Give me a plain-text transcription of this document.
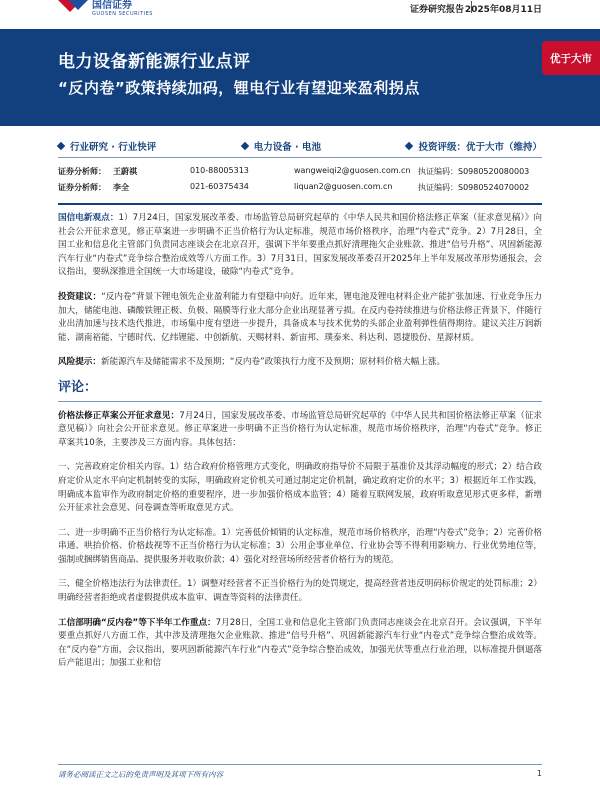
国信证券
GUOSEN SECURITIES	证券研究报告 2025年08月11日
电力设备新能源行业点评
“反内卷”政策持续加码，锂电行业有望迎来盈利拐点
优于大市
行业研究 · 行业快评	电力设备 · 电池	投资评级：优于大市（维持）
证券分析师： 王蔚祺	010-88005313	wangweiqi2@guosen.com.cn 执证编码：S0980520080003
证券分析师： 李全	021-60375434	liquan2@guosen.com.cn	执证编码：S0980524070002

国信电新观点：1）7月24日，国家发展改革委、市场监管总局研究起草的《中华人民共和国价格法修正草案（征求意见稿）》向社会公开征求意见，修正草案进一步明确不正当价格行为认定标准，规范市场价格秩序，治理“内卷式”竞争。2）7月28日，全国工业和信息化主管部门负责同志座谈会在北京召开，强调下半年要重点抓好清理拖欠企业账款、推进“信号升格”、巩固新能源汽车行业“内卷式”竞争综合整治成效等八方面工作。3）7月31日，国家发展改革委召开2025年上半年发展改革形势通报会，会议指出，要纵深推进全国统一大市场建设，破除“内卷式”竞争。

投资建议：“反内卷”背景下锂电领先企业盈利能力有望稳中向好。近年来，锂电池及锂电材料企业产能扩张加速、行业竞争压力加大，储能电池、磷酸铁锂正极、负极、隔膜等行业大部分企业出现显著亏损。在反内卷持续推进与价格法修正背景下，伴随行业出清加速与技术迭代推进，市场集中度有望进一步提升，具备成本与技术优势的头部企业盈利弹性值得期待。建议关注万润新能、湖南裕能、宁德时代、亿纬锂能、中创新航、天赐材料、新宙邦、璞泰来、科达利、恩捷股份、星源材质。

风险提示：新能源汽车及储能需求不及预期；“反内卷”政策执行力度不及预期；原材料价格大幅上涨。

评论：

价格法修正草案公开征求意见：7月24日，国家发展改革委、市场监管总局研究起草的《中华人民共和国价格法修正草案（征求意见稿）》向社会公开征求意见。修正草案进一步明确不正当价格行为认定标准，规范市场价格秩序，治理“内卷式”竞争。修正草案共10条，主要涉及三方面内容。具体包括：

一、完善政府定价相关内容。1）结合政府价格管理方式变化，明确政府指导价不局限于基准价及其浮动幅度的形式；2）结合政府定价从定水平向定机制转变的实际，明确政府定价机关可通过制定定价机制，确定政府定价的水平；3）根据近年工作实践，明确成本监审作为政府制定价格的重要程序，进一步加强价格成本监管；4）随着互联网发展，政府听取意见形式更多样，新增公开征求社会意见、问卷调查等听取意见方式。

二、进一步明确不正当价格行为认定标准。1）完善低价倾销的认定标准，规范市场价格秩序，治理“内卷式”竞争；2）完善价格串通、哄抬价格、价格歧视等不正当价格行为认定标准；3）公用企事业单位、行业协会等不得利用影响力、行业优势地位等，强制或捆绑销售商品、提供服务并收取价款；4）强化对经营场所经营者价格行为的规范。

三、健全价格违法行为法律责任。1）调整对经营者不正当价格行为的处罚规定，提高经营者违反明码标价规定的处罚标准；2）明确经营者拒绝或者虚假提供成本监审、调查等资料的法律责任。

工信部明确“反内卷”等下半年工作重点：7月28日，全国工业和信息化主管部门负责同志座谈会在北京召开。会议强调，下半年要重点抓好八方面工作，其中涉及清理拖欠企业账款、推进“信号升格”、巩固新能源汽车行业“内卷式”竞争综合整治成效等。在“反内卷”方面，会议指出，要巩固新能源汽车行业“内卷式”竞争综合整治成效，加强光伏等重点行业治理，以标准提升倒逼落后产能退出；加强工业和信

请务必阅读正文之后的免责声明及其项下所有内容	1
